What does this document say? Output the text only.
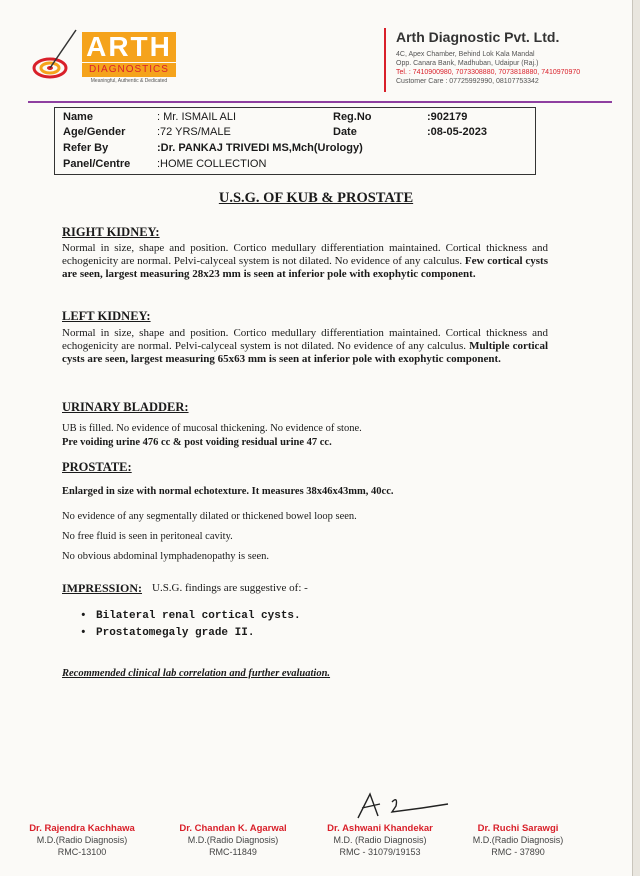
ARTH
DIAGNOSTICS
Meaningful, Authentic & Dedicated
Arth Diagnostic Pvt. Ltd.
4C, Apex Chamber, Behind Lok Kala Mandal
Opp. Canara Bank, Madhuban, Udaipur (Raj.)
Tel. : 7410900980, 7073308880, 7073818880, 7410970970
Customer Care : 07725992990, 08107753342
Name	: Mr. ISMAIL ALI
Age/Gender	:72 YRS/MALE
Refer By	:Dr. PANKAJ TRIVEDI MS,Mch(Urology)
Panel/Centre :HOME COLLECTION
Reg.No	:902179
Date	:08-05-2023
U.S.G. OF KUB & PROSTATE
RIGHT KIDNEY:
Normal in size, shape and position. Cortico medullary differentiation maintained. Cortical thickness and echogenicity are normal. Pelvi-calyceal system is not dilated. No evidence of any calculus. Few cortical cysts are seen, largest measuring 28x23 mm is seen at inferior pole with exophytic component.
LEFT KIDNEY:
Normal in size, shape and position. Cortico medullary differentiation maintained. Cortical thickness and echogenicity are normal. Pelvi-calyceal system is not dilated. No evidence of any calculus. Multiple cortical cysts are seen, largest measuring 65x63 mm is seen at inferior pole with exophytic component.
URINARY BLADDER:
UB is filled. No evidence of mucosal thickening. No evidence of stone.
Pre voiding urine 476 cc & post voiding residual urine 47 cc.
PROSTATE:
Enlarged in size with normal echotexture. It measures 38x46x43mm, 40cc.
No evidence of any segmentally dilated or thickened bowel loop seen.
No free fluid is seen in peritoneal cavity.
No obvious abdominal lymphadenopathy is seen.
IMPRESSION: U.S.G. findings are suggestive of: -
• Bilateral renal cortical cysts.
• Prostatomegaly grade II.
Recommended clinical lab correlation and further evaluation.
Dr. Rajendra Kachhawa
M.D.(Radio Diagnosis)
RMC-13100
Dr. Chandan K. Agarwal
M.D.(Radio Diagnosis)
RMC-11849
Dr. Ashwani Khandekar
M.D. (Radio Diagnosis)
RMC - 31079/19153
Dr. Ruchi Sarawgi
M.D.(Radio Diagnosis)
RMC - 37890
